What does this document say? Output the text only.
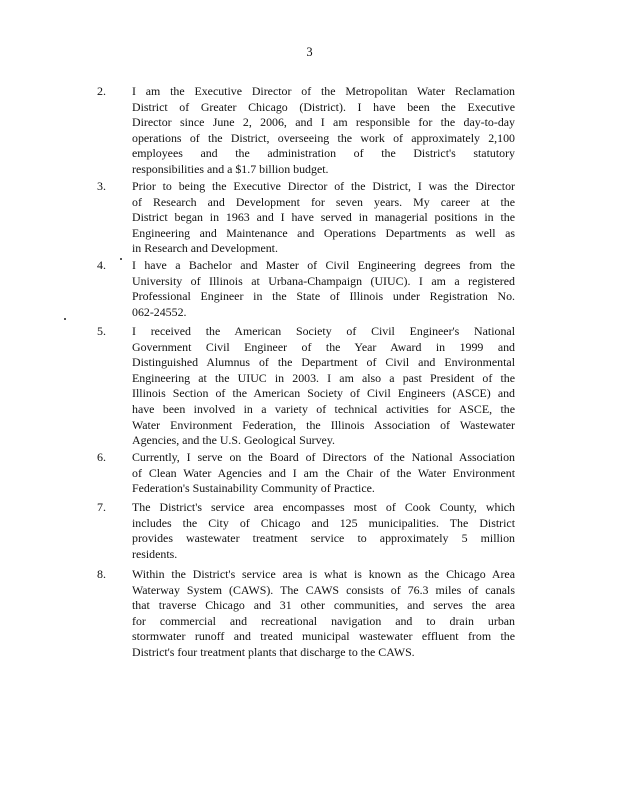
3
2. I am the Executive Director of the Metropolitan Water Reclamation
District of Greater Chicago (District). I have been the Executive
Director since June 2, 2006, and I am responsible for the day-to-day
operations of the District, overseeing the work of approximately 2,100
employees and the administration of the District's statutory
responsibilities and a $1.7 billion budget.
3. Prior to being the Executive Director of the District, I was the Director
of Research and Development for seven years. My career at the
District began in 1963 and I have served in managerial positions in the
Engineering and Maintenance and Operations Departments as well as
in Research and Development.
4. I have a Bachelor and Master of Civil Engineering degrees from the
University of Illinois at Urbana-Champaign (UIUC). I am a registered
Professional Engineer in the State of Illinois under Registration No.
062-24552.
5. I received the American Society of Civil Engineer's National
Government Civil Engineer of the Year Award in 1999 and
Distinguished Alumnus of the Department of Civil and Environmental
Engineering at the UIUC in 2003. I am also a past President of the
Illinois Section of the American Society of Civil Engineers (ASCE) and
have been involved in a variety of technical activities for ASCE, the
Water Environment Federation, the Illinois Association of Wastewater
Agencies, and the U.S. Geological Survey.
6. Currently, I serve on the Board of Directors of the National Association
of Clean Water Agencies and I am the Chair of the Water Environment
Federation's Sustainability Community of Practice.
7. The District's service area encompasses most of Cook County, which
includes the City of Chicago and 125 municipalities. The District
provides wastewater treatment service to approximately 5 million
residents.
8. Within the District's service area is what is known as the Chicago Area
Waterway System (CAWS). The CAWS consists of 76.3 miles of canals
that traverse Chicago and 31 other communities, and serves the area
for commercial and recreational navigation and to drain urban
stormwater runoff and treated municipal wastewater effluent from the
District's four treatment plants that discharge to the CAWS.
